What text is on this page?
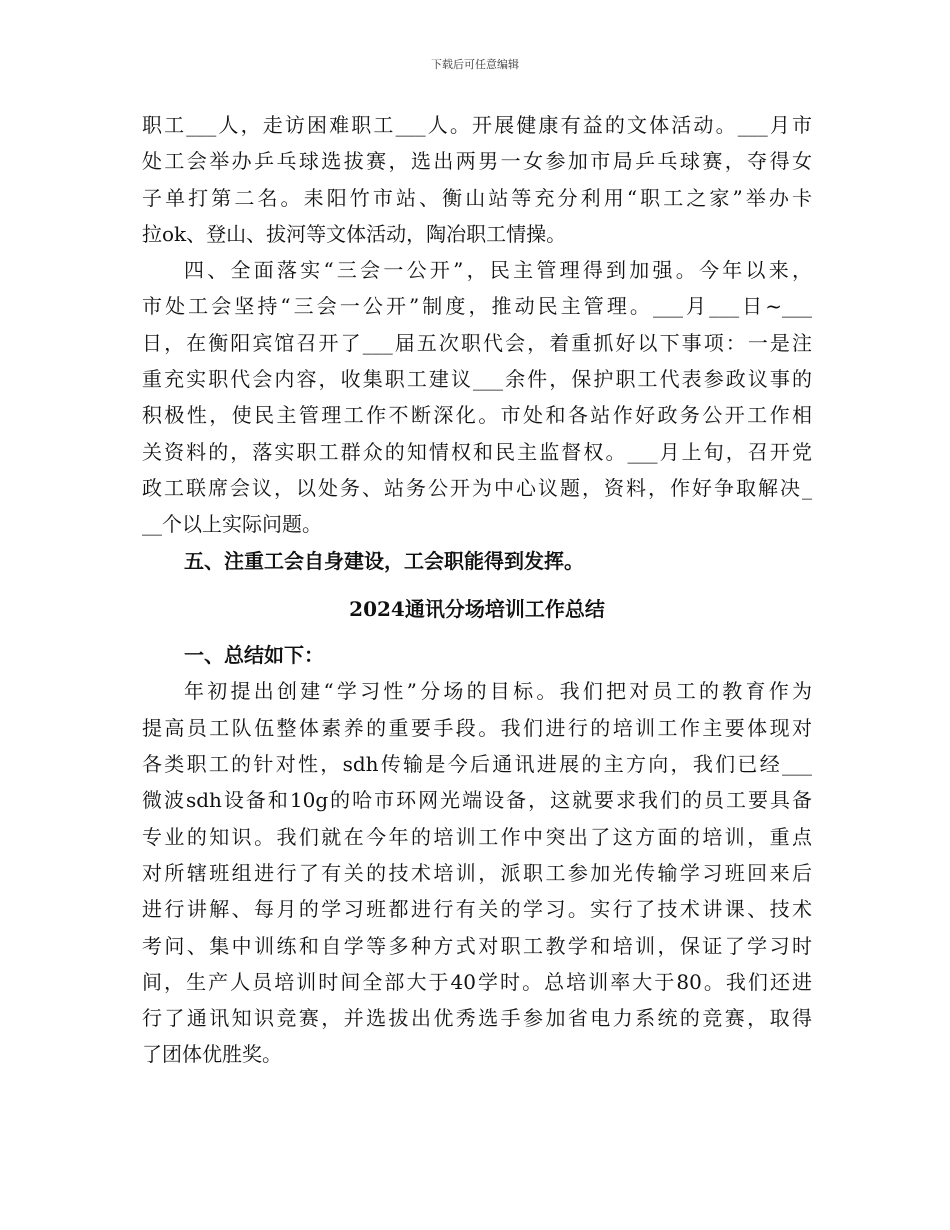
下载后可任意编辑
职工___人，走访困难职工___人。开展健康有益的文体活动。___月市
处工会举办乒乓球选拔赛，选出两男一女参加市局乒乓球赛，夺得女
子单打第二名。耒阳竹市站、衡山站等充分利用“职工之家”举办卡
拉ok、登山、拔河等文体活动，陶冶职工情操。
四、全面落实“三会一公开”，民主管理得到加强。今年以来，
市处工会坚持“三会一公开”制度，推动民主管理。___月___日~___
日，在衡阳宾馆召开了___届五次职代会，着重抓好以下事项：一是注
重充实职代会内容，收集职工建议___余件，保护职工代表参政议事的
积极性，使民主管理工作不断深化。市处和各站作好政务公开工作相
关资料的，落实职工群众的知情权和民主监督权。___月上旬，召开党
政工联席会议，以处务、站务公开为中心议题，资料，作好争取解决_
__个以上实际问题。
五、注重工会自身建设，工会职能得到发挥。
2024通讯分场培训工作总结
一、总结如下：
年初提出创建“学习性”分场的目标。我们把对员工的教育作为
提高员工队伍整体素养的重要手段。我们进行的培训工作主要体现对
各类职工的针对性，sdh传输是今后通讯进展的主方向，我们已经___
微波sdh设备和10g的哈市环网光端设备，这就要求我们的员工要具备
专业的知识。我们就在今年的培训工作中突出了这方面的培训，重点
对所辖班组进行了有关的技术培训，派职工参加光传输学习班回来后
进行讲解、每月的学习班都进行有关的学习。实行了技术讲课、技术
考问、集中训练和自学等多种方式对职工教学和培训，保证了学习时
间，生产人员培训时间全部大于40学时。总培训率大于80。我们还进
行了通讯知识竞赛，并选拔出优秀选手参加省电力系统的竞赛，取得
了团体优胜奖。
